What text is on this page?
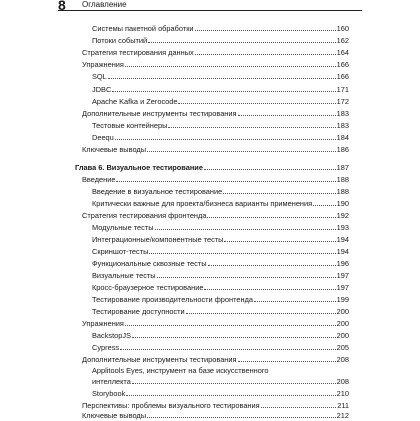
8 Оглавление
Системы пакетной обработки	160
Потоки событий	162
Стратегия тестирования данных	164
Упражнения	166
SQL	166
JDBC	171
Apache Kafka и Zerocode	172
Дополнительные инструменты тестирования	183
Тестовые контейнеры	183
Deequ	184
Ключевые выводы	186
Глава 6. Визуальное тестирование	187
Введение	188
Введение в визуальное тестирование	188
Критически важные для проекта/бизнеса варианты применения	190
Стратегия тестирования фронтенда	192
Модульные тесты	193
Интеграционные/компонентные тесты	194
Скриншот-тесты	194
Функциональные сквозные тесты	196
Визуальные тесты	197
Кросс-браузерное тестирование	197
Тестирование производительности фронтенда	199
Тестирование доступности	200
Упражнения	200
BackstopJS	200
Cypress	205
Дополнительные инструменты тестирования	208
Applitools Eyes, инструмент на базе искусственного
интеллекта	208
Storybook	210
Перспективы: проблемы визуального тестирования	211
Ключевые выводы	212
